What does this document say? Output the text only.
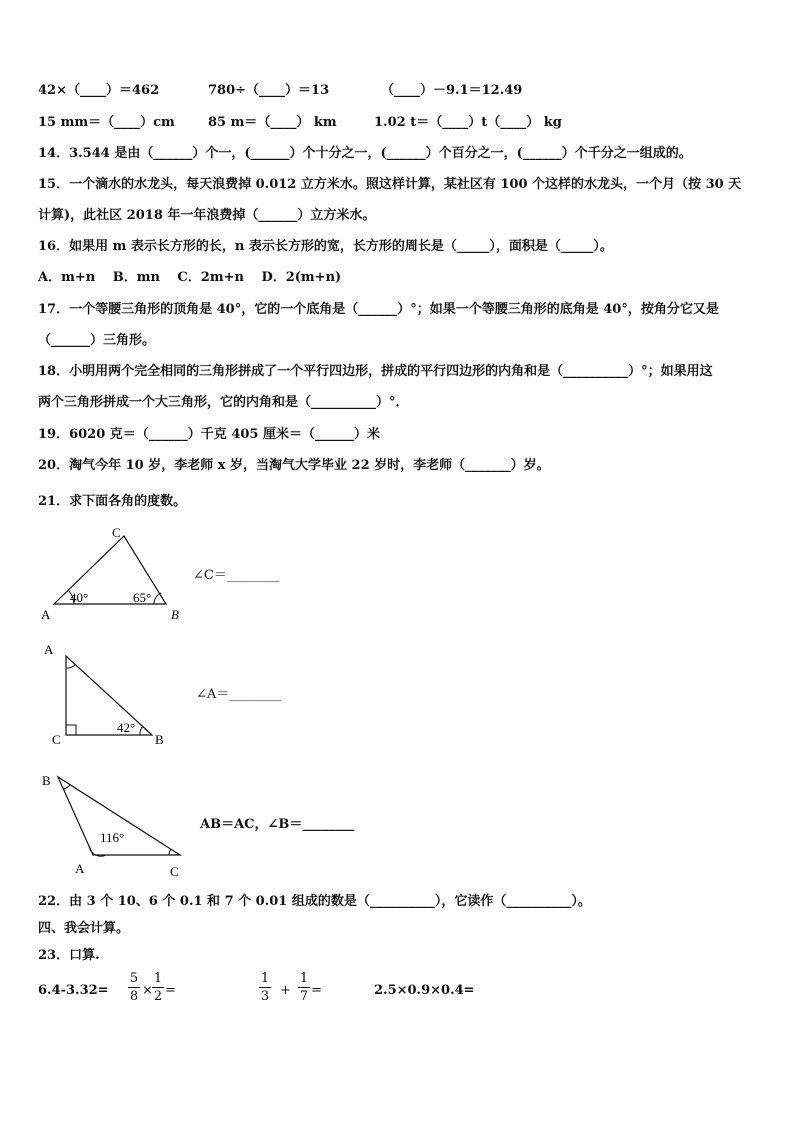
42×（____）＝462	780÷（____）＝13	（____）－9.1＝12.49
15 mm＝（____）cm	85 m＝（____） km	1.02 t＝（____）t（____） kg
14．3.544 是由（______）个一，(______）个十分之一，(______）个百分之一，(______）个千分之一组成的。
15．一个滴水的水龙头，每天浪费掉 0.012 立方米水。照这样计算，某社区有 100 个这样的水龙头，一个月（按 30 天
计算)，此社区 2018 年一年浪费掉（______）立方米水。
16．如果用 m 表示长方形的长，n 表示长方形的宽，长方形的周长是（_____），面积是（_____）。
A．m+n　 B．mn　 C．2m+n　 D．2(m+n)
17．一个等腰三角形的顶角是 40°，它的一个底角是（______）°；如果一个等腰三角形的底角是 40°，按角分它又是
（______）三角形。
18．小明用两个完全相同的三角形拼成了一个平行四边形，拼成的平行四边形的内角和是（__________）°；如果用这
两个三角形拼成一个大三角形，它的内角和是（__________）°．
19．6020 克＝（______）千克 405 厘米＝（______）米
20．淘气今年 10 岁，李老师 x 岁，当淘气大学毕业 22 岁时，李老师（_______）岁。
21．求下面各角的度数。
C
A	B
40°	65°
∠C＝________
A
C	B
42°
∠A＝________
B
A	C
116°
AB＝AC，∠B＝________
22．由 3 个 10、6 个 0.1 和 7 个 0.01 组成的数是（__________），它读作（__________）。
四、我会计算。
23．口算.
6.4-3.32=
5
8 ×
1
2 =
1
3 +
1
7 =	2.5×0.9×0.4=
